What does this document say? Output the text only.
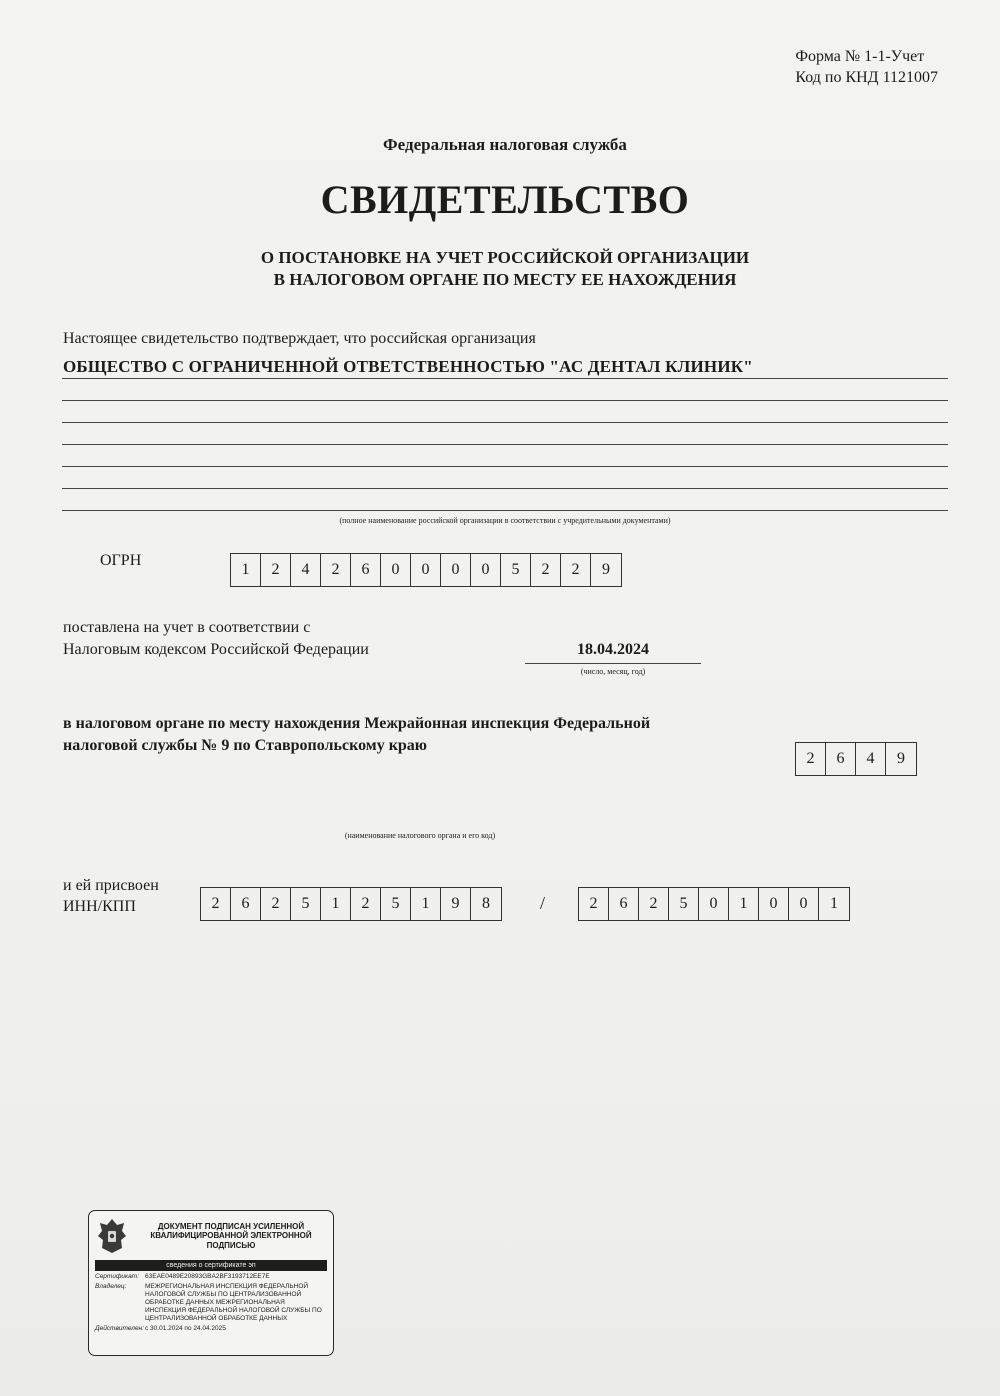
Форма № 1-1-Учет
Код по КНД 1121007
Федеральная налоговая служба
СВИДЕТЕЛЬСТВО
О ПОСТАНОВКЕ НА УЧЕТ РОССИЙСКОЙ ОРГАНИЗАЦИИ
В НАЛОГОВОМ ОРГАНЕ ПО МЕСТУ ЕЕ НАХОЖДЕНИЯ
Настоящее свидетельство подтверждает, что российская организация
ОБЩЕСТВО С ОГРАНИЧЕННОЙ ОТВЕТСТВЕННОСТЬЮ "АС ДЕНТАЛ КЛИНИК"
(полное наименование российской организации в соответствии с учредительными документами)
ОГРН
1	2	4	2	6	0	0	0	0	5	2	2	9
поставлена на учет в соответствии с
Налоговым кодексом Российской Федерации	18.04.2024
(число, месяц, год)
в налоговом органе по месту нахождения Межрайонная инспекция Федеральной
налоговой службы № 9 по Ставропольскому краю
2	6	4	9
(наименование налогового органа и его код)
и ей присвоен
ИНН/КПП	2	6	2	5	1	2	5	1	9	8	/	2	6	2	5	0	1	0	0	1
ДОКУМЕНТ ПОДПИСАН УСИЛЕННОЙ КВАЛИФИЦИРОВАННОЙ ЭЛЕКТРОННОЙ ПОДПИСЬЮ
сведения о сертификате эп
Сертификат: 63EAE0489E20893GBA2BF3193712EE7E
Владелец:	МЕЖРЕГИОНАЛЬНАЯ ИНСПЕКЦИЯ ФЕДЕРАЛЬНОЙ НАЛОГОВОЙ СЛУЖБЫ ПО ЦЕНТРАЛИЗОВАННОЙ ОБРАБОТКЕ ДАННЫХ МЕЖРЕГИОНАЛЬНАЯ ИНСПЕКЦИЯ ФЕДЕРАЛЬНОЙ НАЛОГОВОЙ СЛУЖБЫ ПО ЦЕНТРАЛИЗОВАННОЙ ОБРАБОТКЕ ДАННЫХ
Действителен: с 30.01.2024 по 24.04.2025
